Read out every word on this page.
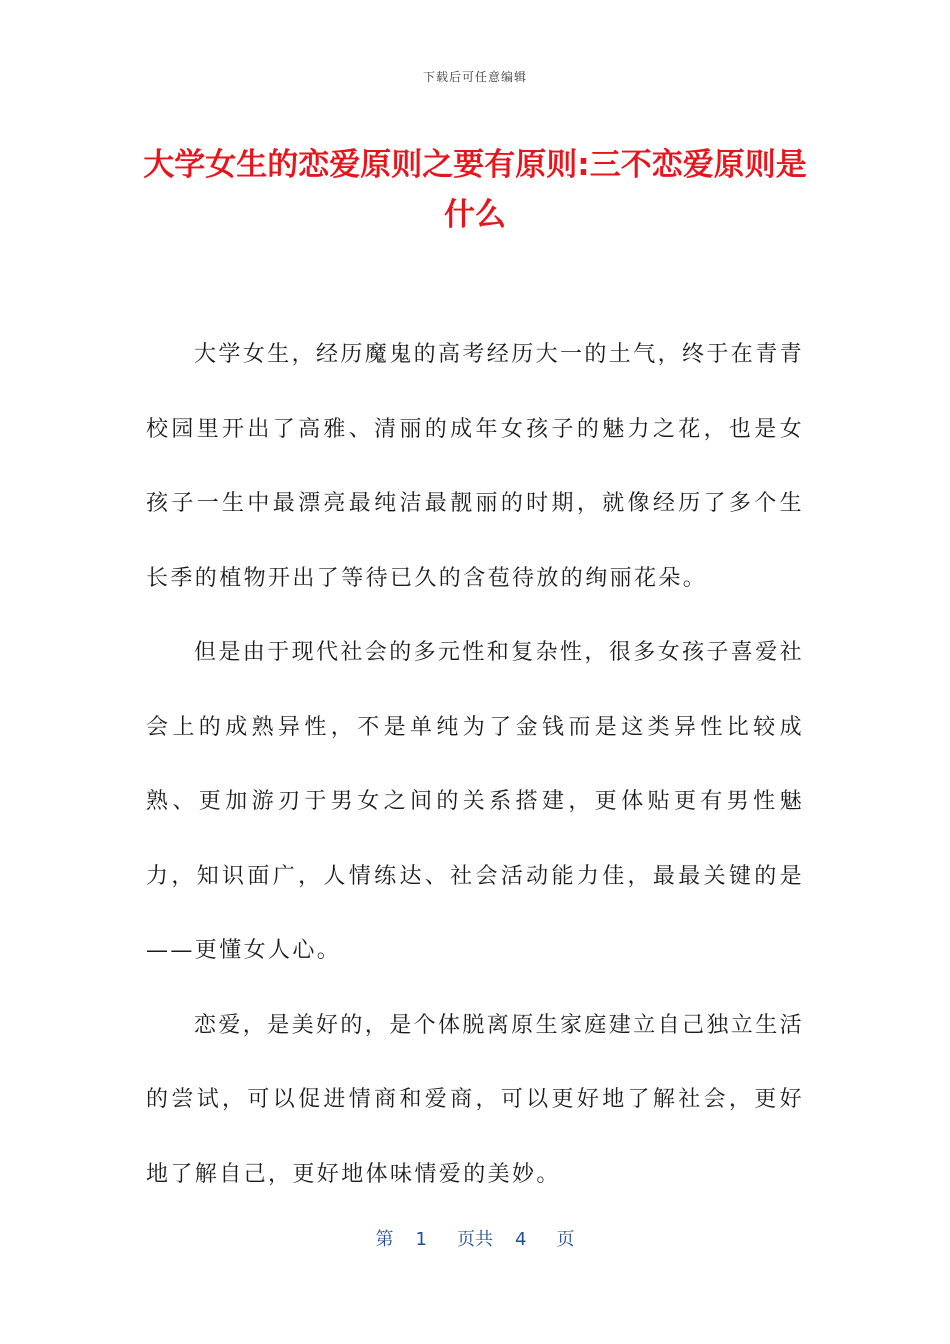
下载后可任意编辑
大学女生的恋爱原则之要有原则:三不恋爱原则是什么

大学女生，经历魔鬼的高考经历大一的土气，终于在青青校园里开出了高雅、清丽的成年女孩子的魅力之花，也是女孩子一生中最漂亮最纯洁最靓丽的时期，就像经历了多个生长季的植物开出了等待已久的含苞待放的绚丽花朵。

但是由于现代社会的多元性和复杂性，很多女孩子喜爱社会上的成熟异性，不是单纯为了金钱而是这类异性比较成熟、更加游刃于男女之间的关系搭建，更体贴更有男性魅力，知识面广，人情练达、社会活动能力佳，最最关键的是——更懂女人心。

恋爱，是美好的，是个体脱离原生家庭建立自己独立生活的尝试，可以促进情商和爱商，可以更好地了解社会，更好地了解自己，更好地体味情爱的美妙。

第 1 页共 4 页
